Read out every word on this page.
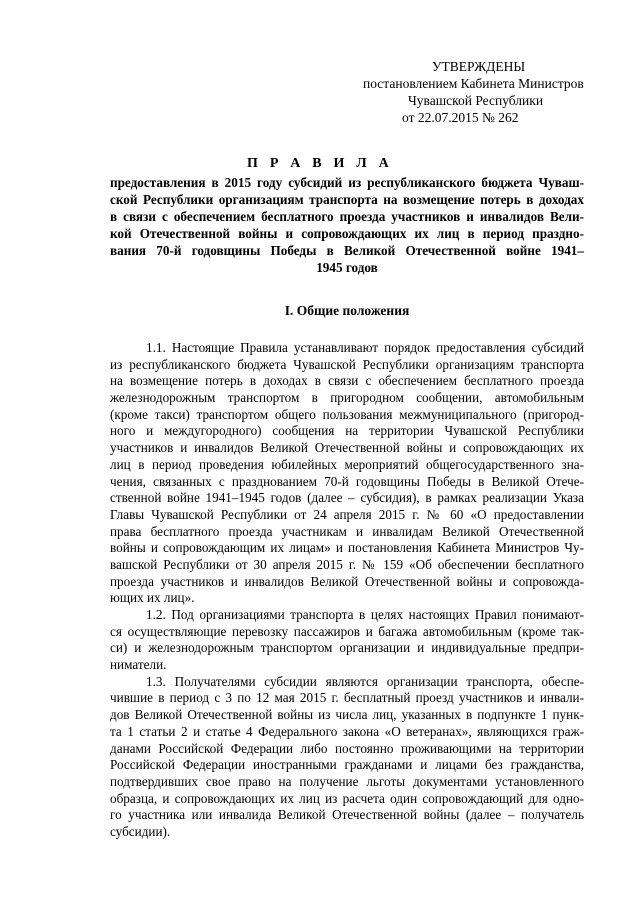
УТВЕРЖДЕНЫ
постановлением Кабинета Министров
Чувашской Республики
от 22.07.2015 № 262
П Р А В И Л А
предоставления в 2015 году субсидий из республиканского бюджета Чуваш-
ской Республики организациям транспорта на возмещение потерь в доходах
в связи с обеспечением бесплатного проезда участников и инвалидов Вели-
кой Отечественной войны и сопровождающих их лиц в период праздно-
вания 70-й годовщины Победы в Великой Отечественной войне 1941–
1945 годов
I. Общие положения
1.1. Настоящие Правила устанавливают порядок предоставления субсидий
из республиканского бюджета Чувашской Республики организациям транспорта
на возмещение потерь в доходах в связи с обеспечением бесплатного проезда
железнодорожным транспортом в пригородном сообщении, автомобильным
(кроме такси) транспортом общего пользования межмуниципального (пригород-
ного и междугородного) сообщения на территории Чувашской Республики
участников и инвалидов Великой Отечественной войны и сопровождающих их
лиц в период проведения юбилейных мероприятий общегосударственного зна-
чения, связанных с празднованием 70-й годовщины Победы в Великой Отече-
ственной войне 1941–1945 годов (далее – субсидия), в рамках реализации Указа
Главы Чувашской Республики от 24 апреля 2015 г. № 60 «О предоставлении
права бесплатного проезда участникам и инвалидам Великой Отечественной
войны и сопровождающим их лицам» и постановления Кабинета Министров Чу-
вашской Республики от 30 апреля 2015 г. № 159 «Об обеспечении бесплатного
проезда участников и инвалидов Великой Отечественной войны и сопровожда-
ющих их лиц».
1.2. Под организациями транспорта в целях настоящих Правил понимают-
ся осуществляющие перевозку пассажиров и багажа автомобильным (кроме так-
си) и железнодорожным транспортом организации и индивидуальные предпри-
ниматели.
1.3. Получателями субсидии являются организации транспорта, обеспе-
чившие в период с 3 по 12 мая 2015 г. бесплатный проезд участников и инвали-
дов Великой Отечественной войны из числа лиц, указанных в подпункте 1 пунк-
та 1 статьи 2 и статье 4 Федерального закона «О ветеранах», являющихся граж-
данами Российской Федерации либо постоянно проживающими на территории
Российской Федерации иностранными гражданами и лицами без гражданства,
подтвердивших свое право на получение льготы документами установленного
образца, и сопровождающих их лиц из расчета один сопровождающий для одно-
го участника или инвалида Великой Отечественной войны (далее – получатель
субсидии).
